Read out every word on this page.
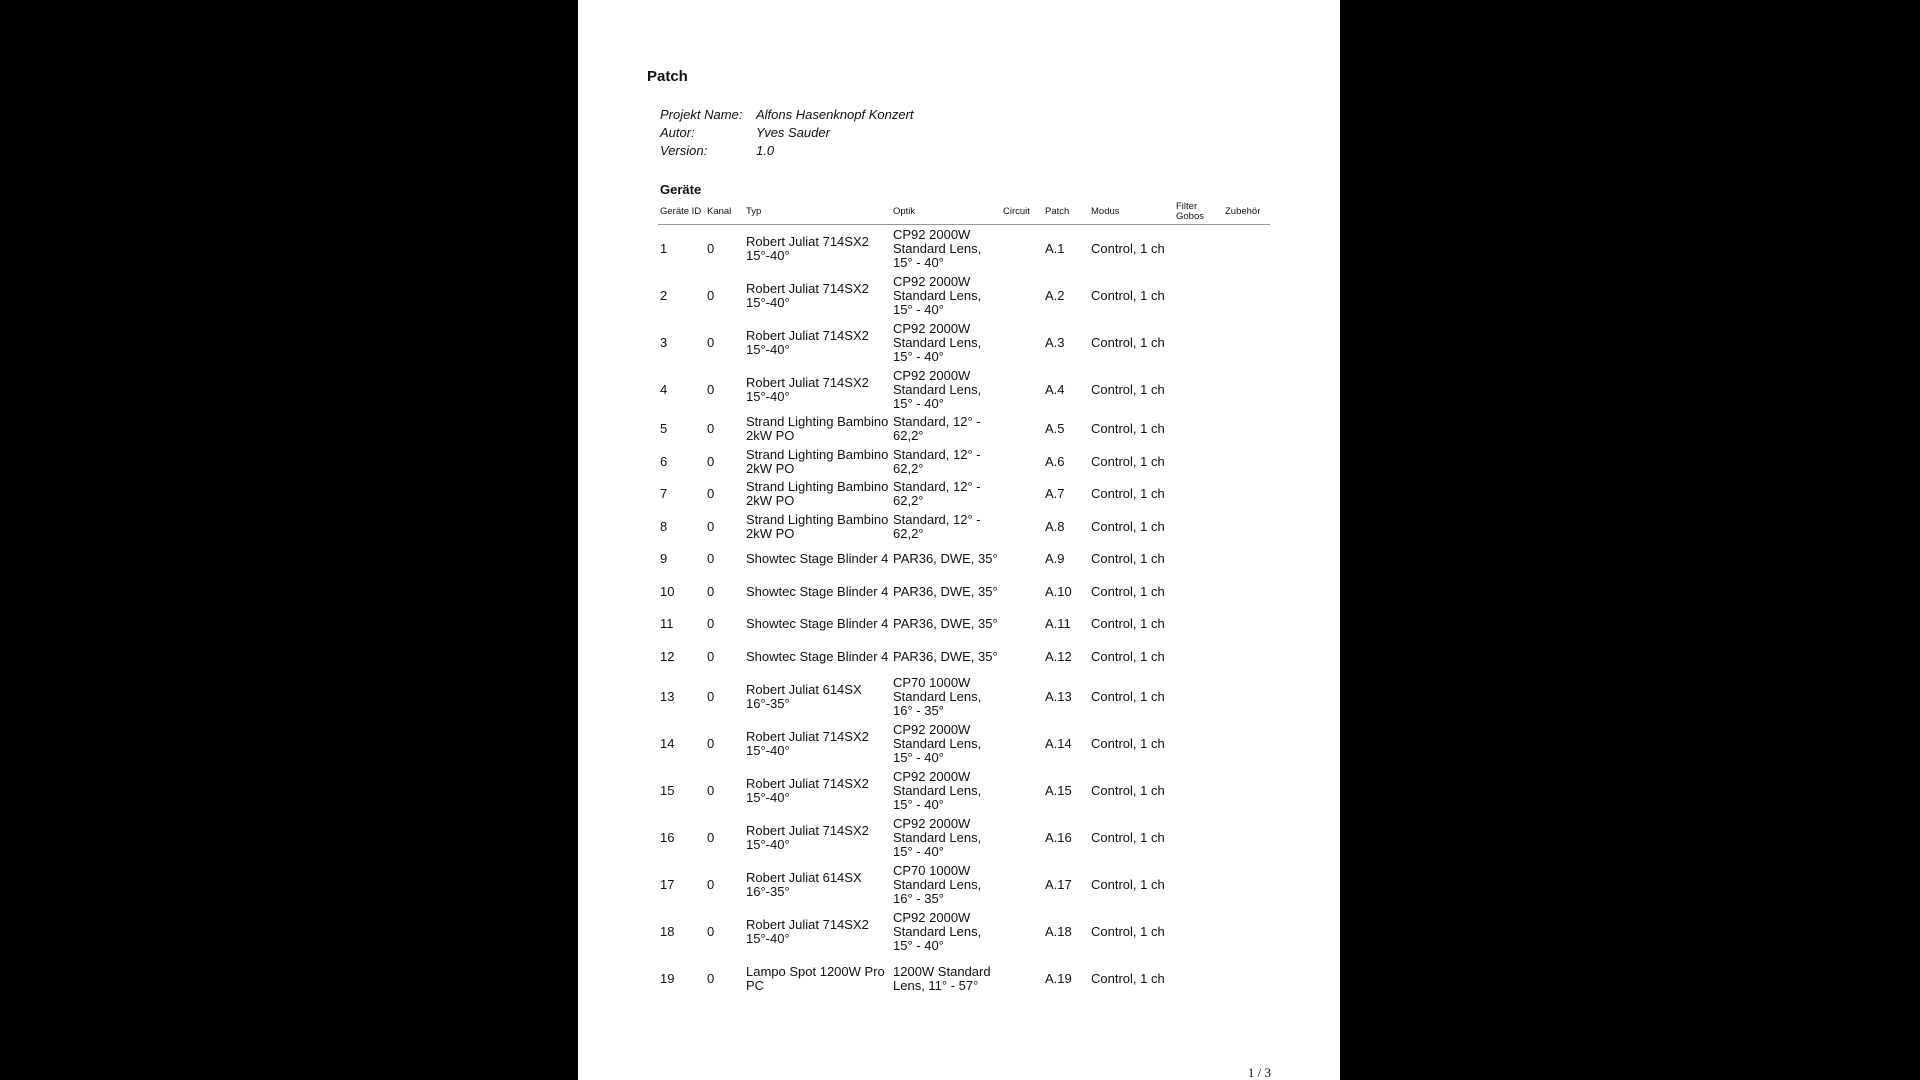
Patch
Projekt Name:	Alfons Hasenknopf Konzert
Autor:	Yves Sauder
Version:	1.0
Geräte
Geräte ID	Kanal	Typ	Optik	Circuit	Patch	Modus	Filter Gobos	Zubehör
1	0	Robert Juliat 714SX2 15°-40°	CP92 2000W Standard Lens, 15° - 40°		A.1	Control, 1 ch		
2	0	Robert Juliat 714SX2 15°-40°	CP92 2000W Standard Lens, 15° - 40°		A.2	Control, 1 ch		
3	0	Robert Juliat 714SX2 15°-40°	CP92 2000W Standard Lens, 15° - 40°		A.3	Control, 1 ch		
4	0	Robert Juliat 714SX2 15°-40°	CP92 2000W Standard Lens, 15° - 40°		A.4	Control, 1 ch		
5	0	Strand Lighting Bambino 2kW PO	Standard, 12° - 62,2°		A.5	Control, 1 ch		
6	0	Strand Lighting Bambino 2kW PO	Standard, 12° - 62,2°		A.6	Control, 1 ch		
7	0	Strand Lighting Bambino 2kW PO	Standard, 12° - 62,2°		A.7	Control, 1 ch		
8	0	Strand Lighting Bambino 2kW PO	Standard, 12° - 62,2°		A.8	Control, 1 ch		
9	0	Showtec Stage Blinder 4	PAR36, DWE, 35°		A.9	Control, 1 ch		
10	0	Showtec Stage Blinder 4	PAR36, DWE, 35°		A.10	Control, 1 ch		
11	0	Showtec Stage Blinder 4	PAR36, DWE, 35°		A.11	Control, 1 ch		
12	0	Showtec Stage Blinder 4	PAR36, DWE, 35°		A.12	Control, 1 ch		
13	0	Robert Juliat 614SX 16°-35°	CP70 1000W Standard Lens, 16° - 35°		A.13	Control, 1 ch		
14	0	Robert Juliat 714SX2 15°-40°	CP92 2000W Standard Lens, 15° - 40°		A.14	Control, 1 ch		
15	0	Robert Juliat 714SX2 15°-40°	CP92 2000W Standard Lens, 15° - 40°		A.15	Control, 1 ch		
16	0	Robert Juliat 714SX2 15°-40°	CP92 2000W Standard Lens, 15° - 40°		A.16	Control, 1 ch		
17	0	Robert Juliat 614SX 16°-35°	CP70 1000W Standard Lens, 16° - 35°		A.17	Control, 1 ch		
18	0	Robert Juliat 714SX2 15°-40°	CP92 2000W Standard Lens, 15° - 40°		A.18	Control, 1 ch		
19	0	Lampo Spot 1200W Pro PC	1200W Standard Lens, 11° - 57°		A.19	Control, 1 ch		
1 / 3
